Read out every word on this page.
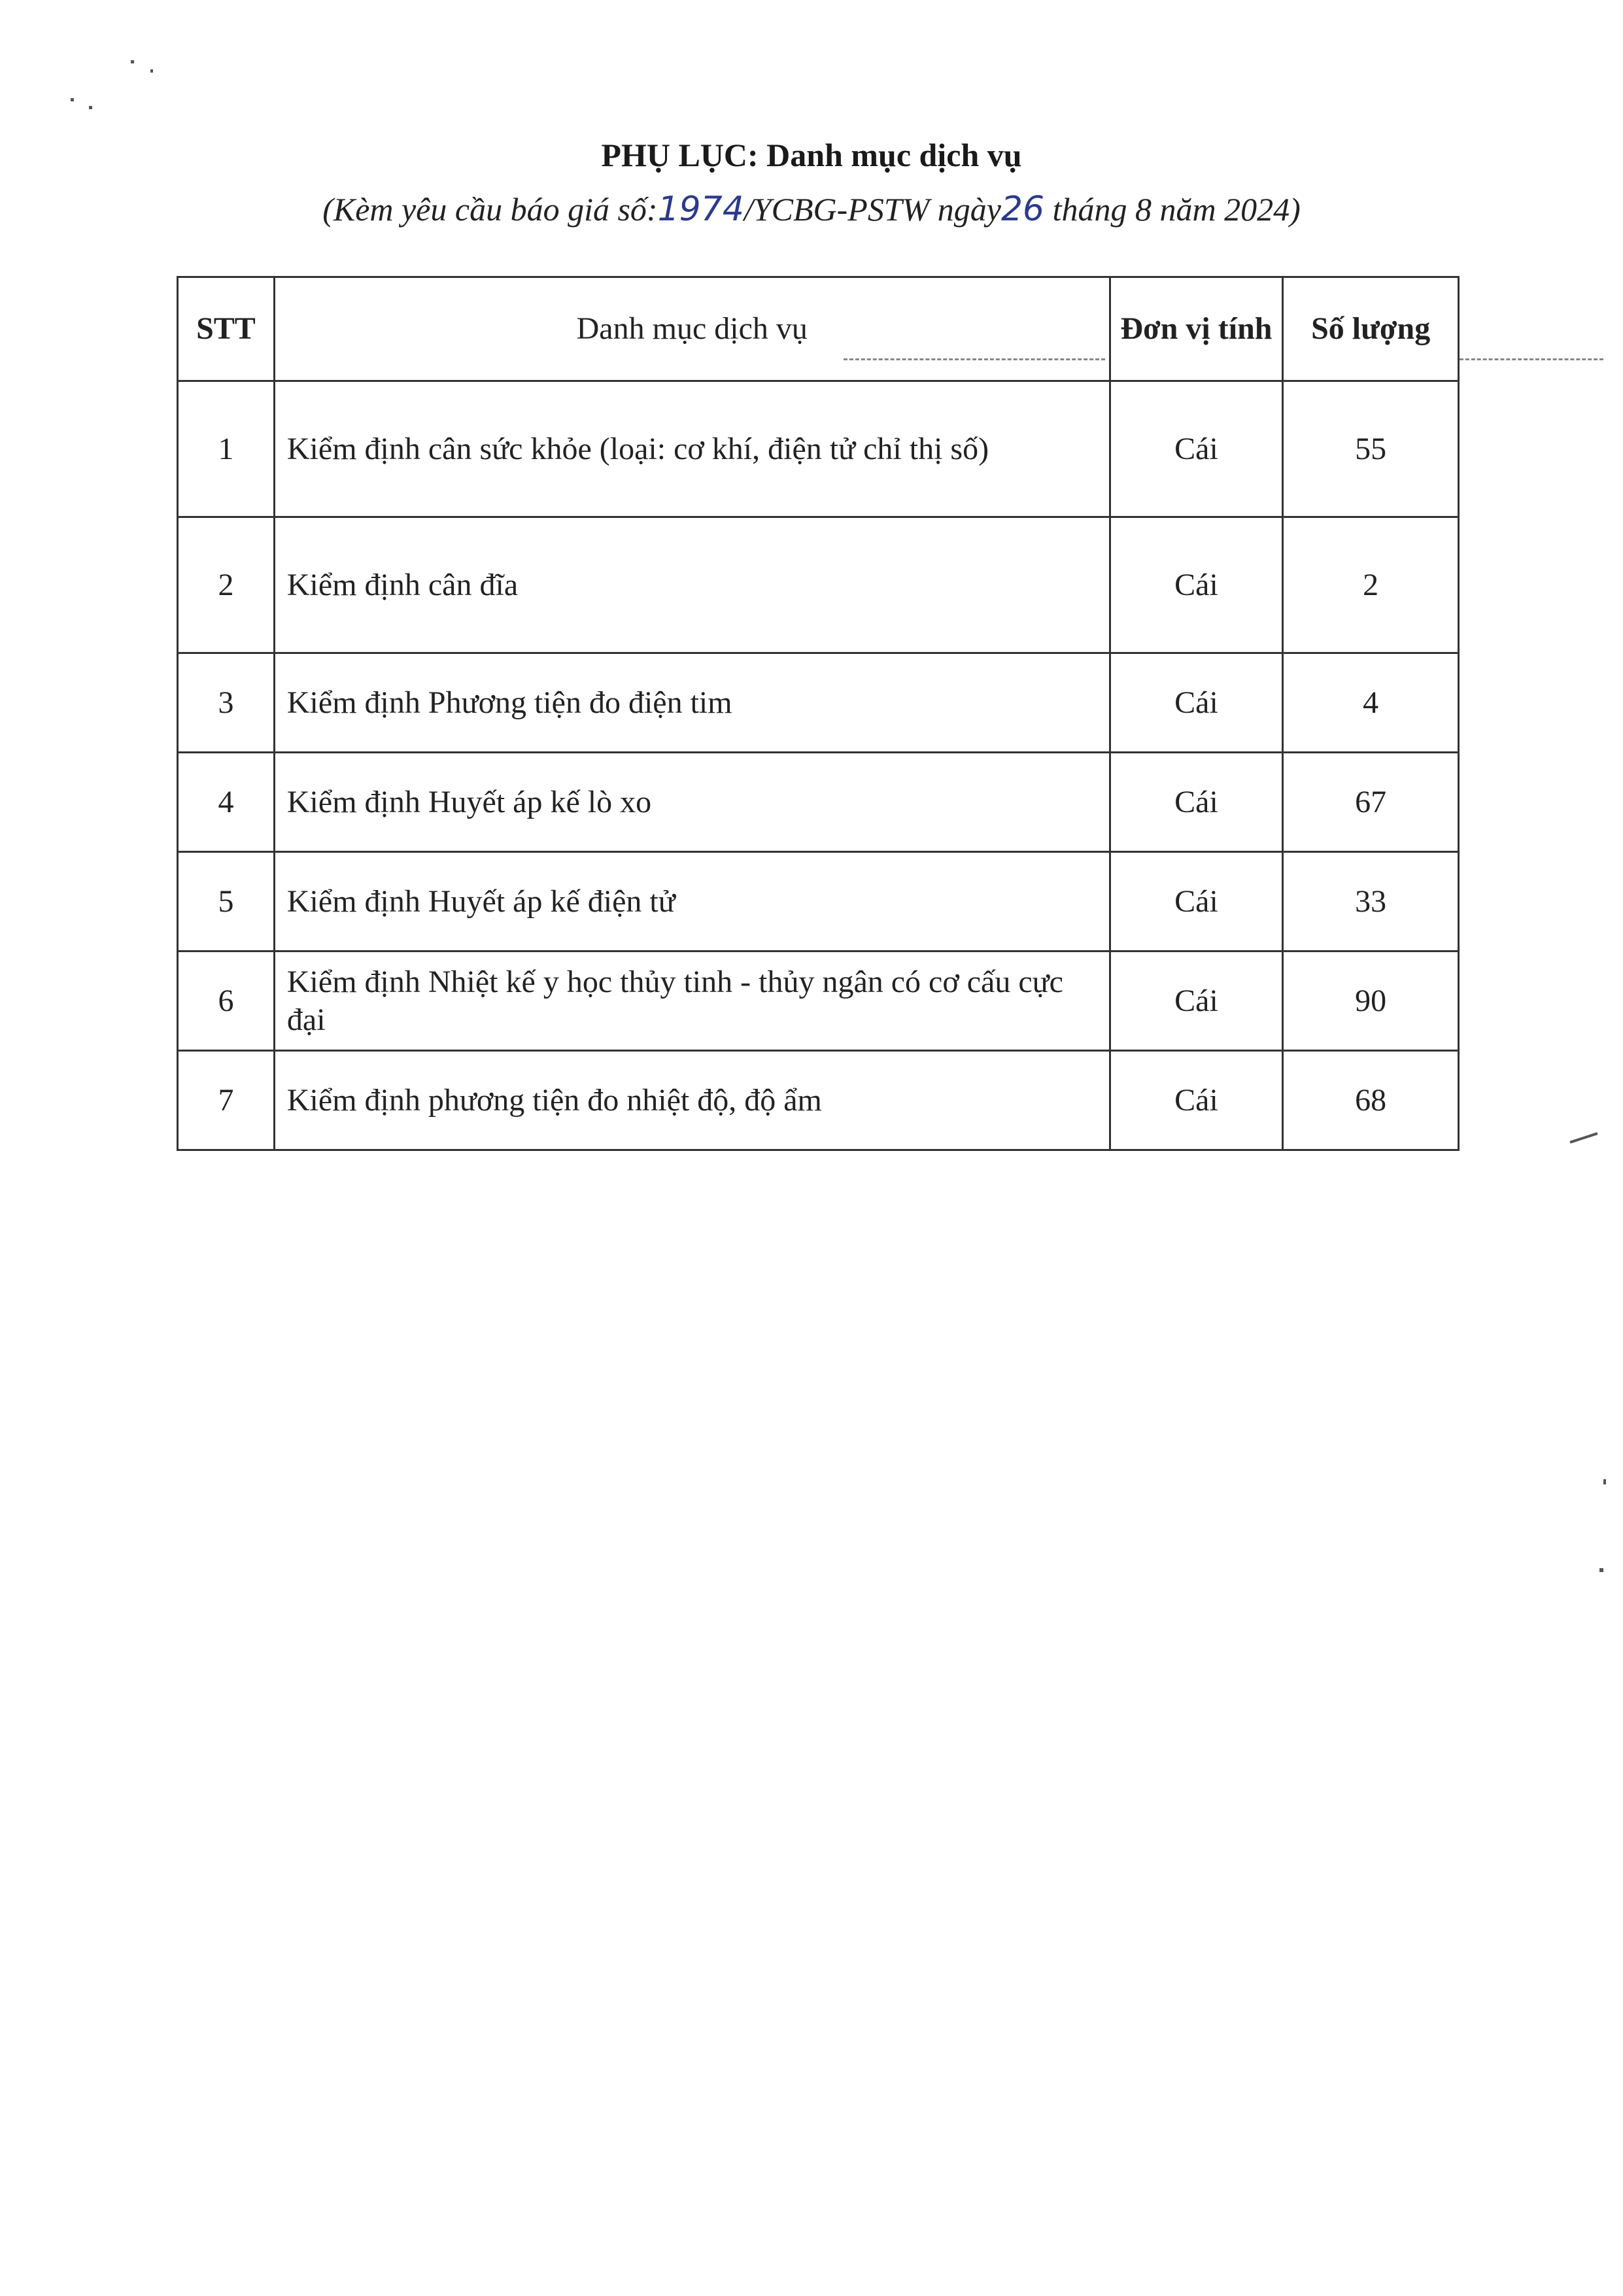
PHỤ LỤC: Danh mục dịch vụ
(Kèm yêu cầu báo giá số:1974/YCBG-PSTW ngày26 tháng 8 năm 2024)
STT	Danh mục dịch vụ	Đơn vị tính	Số lượng
1	Kiểm định cân sức khỏe (loại: cơ khí, điện tử chỉ thị số)	Cái	55
2	Kiểm định cân đĩa	Cái	2
3	Kiểm định Phương tiện đo điện tim	Cái	4
4	Kiểm định Huyết áp kế lò xo	Cái	67
5	Kiểm định Huyết áp kế điện tử	Cái	33
6	Kiểm định Nhiệt kế y học thủy tinh - thủy ngân có cơ cấu cực đại	Cái	90
7	Kiểm định phương tiện đo nhiệt độ, độ ẩm	Cái	68
